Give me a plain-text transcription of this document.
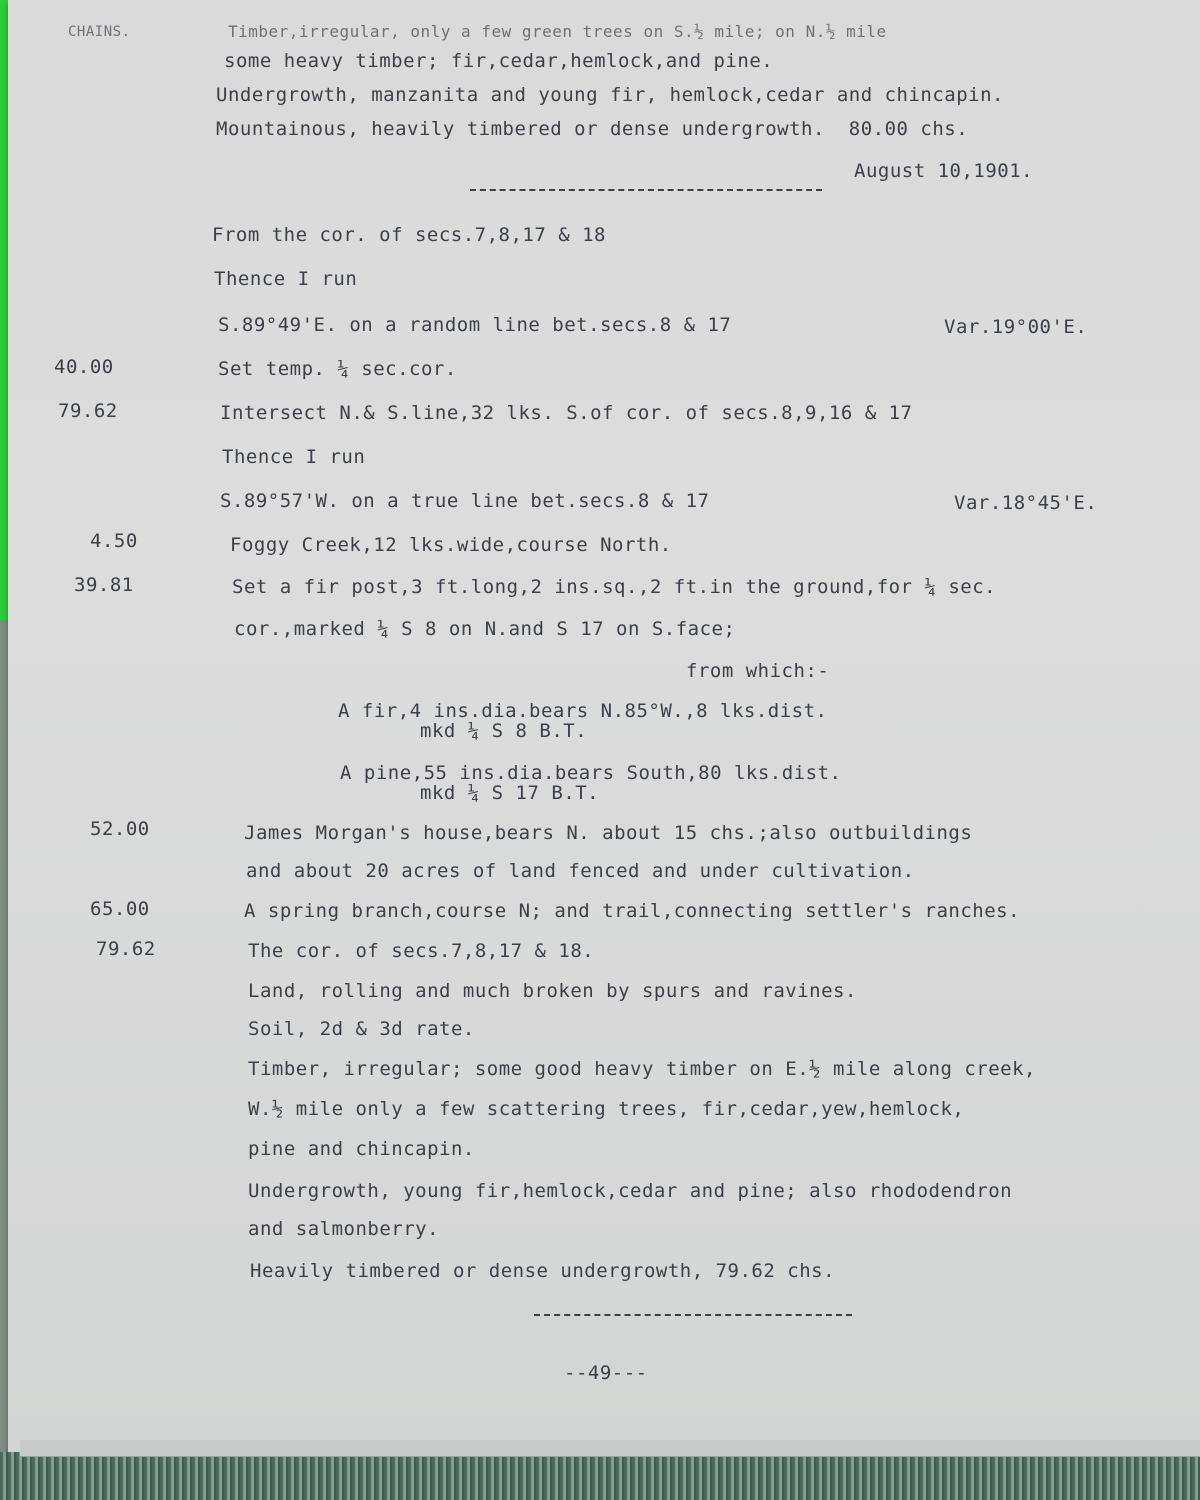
CHAINS.	Timber,irregular, only a few green trees on S.½ mile; on N.½ mile
some heavy timber; fir,cedar,hemlock,and pine.
Undergrowth, manzanita and young fir, hemlock,cedar and chincapin.
Mountainous, heavily timbered or dense undergrowth.  80.00 chs.
August 10,1901.
From the cor. of secs.7,8,17 & 18
Thence I run
S.89°49'E. on a random line bet.secs.8 & 17	Var.19°00'E.
40.00	Set temp. ¼ sec.cor.
79.62	Intersect N.& S.line,32 lks. S.of cor. of secs.8,9,16 & 17
Thence I run
S.89°57'W. on a true line bet.secs.8 & 17	Var.18°45'E.
4.50	Foggy Creek,12 lks.wide,course North.
39.81	Set a fir post,3 ft.long,2 ins.sq.,2 ft.in the ground,for ¼ sec.
cor.,marked ¼ S 8 on N.and S 17 on S.face;
from which:-
A fir,4 ins.dia.bears N.85°W.,8 lks.dist.
mkd ¼ S 8 B.T.
A pine,55 ins.dia.bears South,80 lks.dist.
mkd ¼ S 17 B.T.
52.00	James Morgan's house,bears N. about 15 chs.;also outbuildings
and about 20 acres of land fenced and under cultivation.
65.00	A spring branch,course N; and trail,connecting settler's ranches.
79.62	The cor. of secs.7,8,17 & 18.
Land, rolling and much broken by spurs and ravines.
Soil, 2d & 3d rate.
Timber, irregular; some good heavy timber on E.½ mile along creek,
W.½ mile only a few scattering trees, fir,cedar,yew,hemlock,
pine and chincapin.
Undergrowth, young fir,hemlock,cedar and pine; also rhododendron
and salmonberry.
Heavily timbered or dense undergrowth, 79.62 chs.
--49---
